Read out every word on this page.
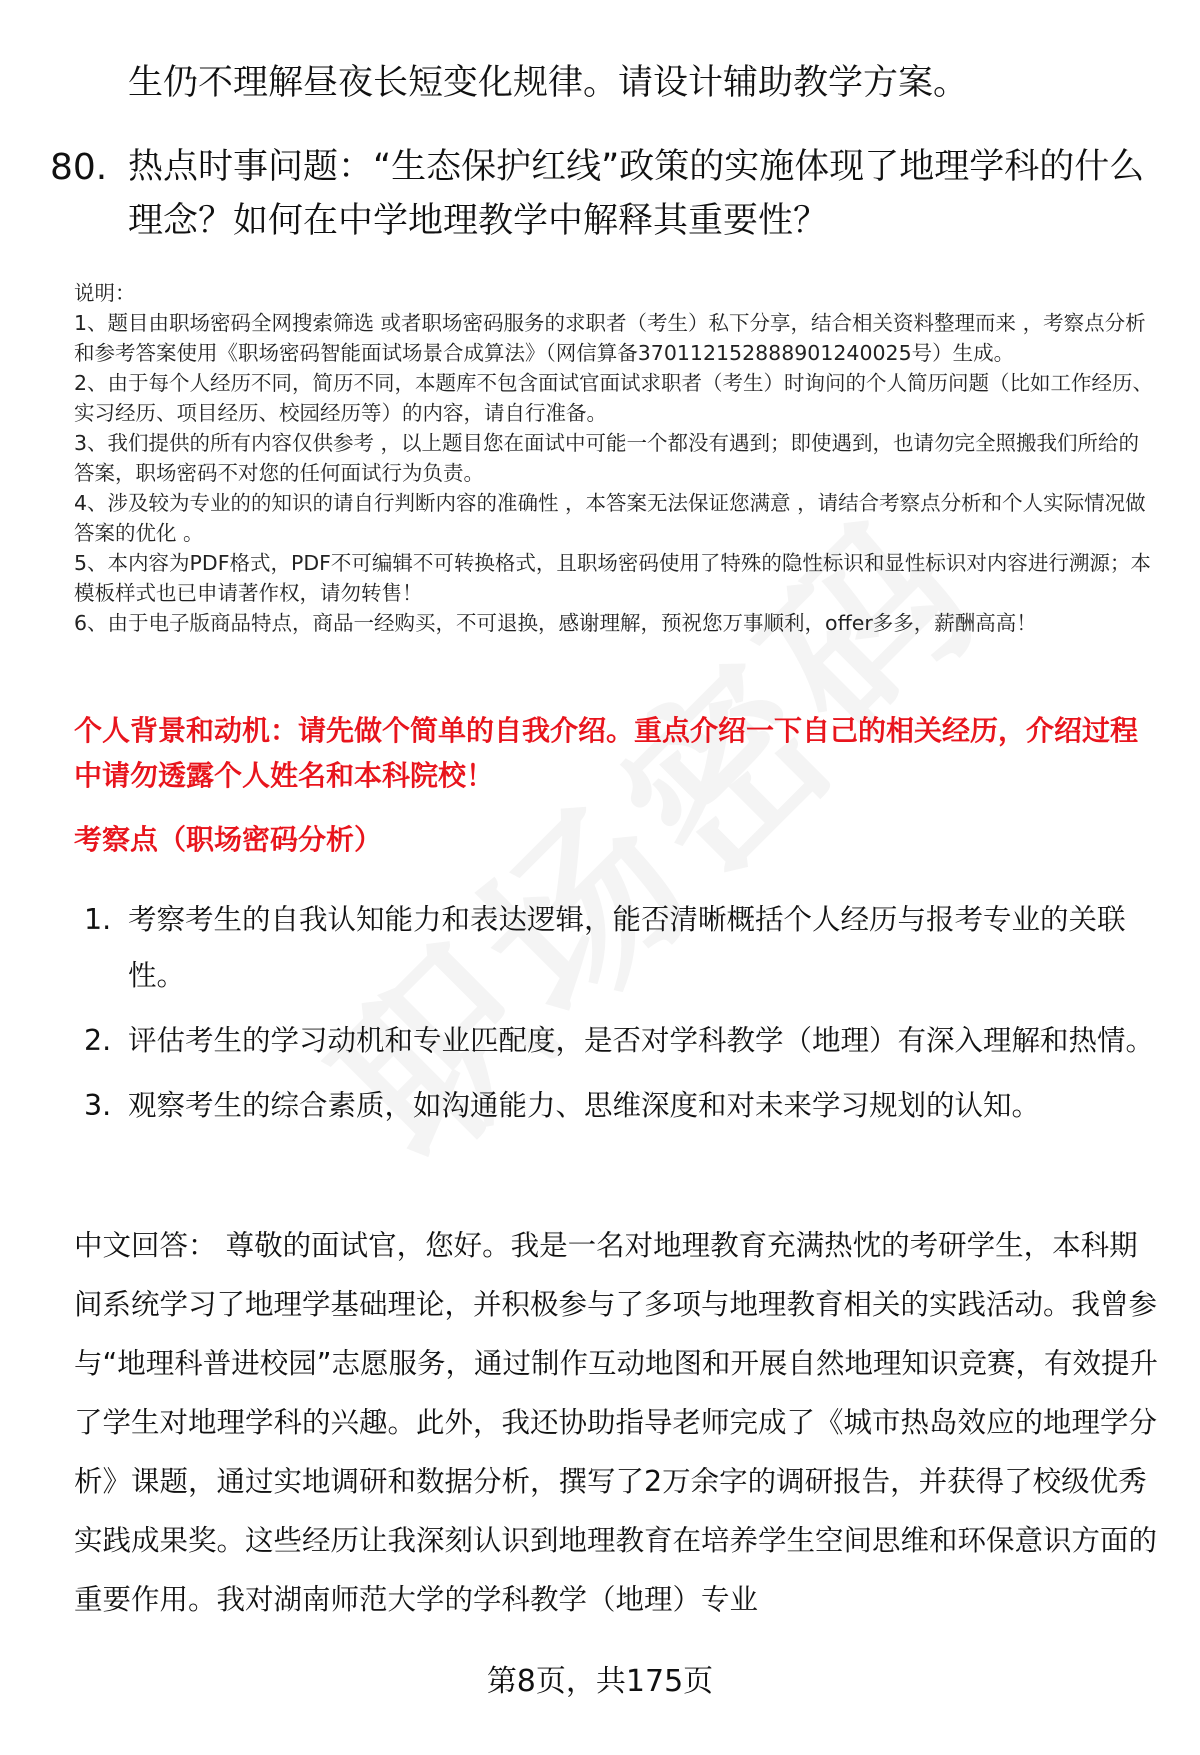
生仍不理解昼夜长短变化规律。请设计辅助教学方案。
80. 热点时事问题：“生态保护红线”政策的实施体现了地理学科的什么理念？如何在中学地理教学中解释其重要性？
说明：
1、题目由职场密码全网搜索筛选 或者职场密码服务的求职者（考生）私下分享，结合相关资料整理而来 ，考察点分析和参考答案使用《职场密码智能面试场景合成算法》（网信算备370112152888901240025号）生成。
2、由于每个人经历不同，简历不同，本题库不包含面试官面试求职者（考生）时询问的个人简历问题（比如工作经历、实习经历、项目经历、校园经历等）的内容，请自行准备。
3、我们提供的所有内容仅供参考 ，以上题目您在面试中可能一个都没有遇到；即使遇到，也请勿完全照搬我们所给的答案，职场密码不对您的任何面试行为负责。
4、涉及较为专业的的知识的请自行判断内容的准确性 ，本答案无法保证您满意 ，请结合考察点分析和个人实际情况做答案的优化 。
5、本内容为PDF格式，PDF不可编辑不可转换格式，且职场密码使用了特殊的隐性标识和显性标识对内容进行溯源；本模板样式也已申请著作权，请勿转售！
6、由于电子版商品特点，商品一经购买，不可退换，感谢理解，预祝您万事顺利，offer多多，薪酬高高！
个人背景和动机：请先做个简单的自我介绍。重点介绍一下自己的相关经历，介绍过程中请勿透露个人姓名和本科院校！
考察点（职场密码分析）
1. 考察考生的自我认知能力和表达逻辑，能否清晰概括个人经历与报考专业的关联性。
2. 评估考生的学习动机和专业匹配度，是否对学科教学（地理）有深入理解和热情。
3. 观察考生的综合素质，如沟通能力、思维深度和对未来学习规划的认知。
中文回答： 尊敬的面试官，您好。我是一名对地理教育充满热忱的考研学生，本科期间系统学习了地理学基础理论，并积极参与了多项与地理教育相关的实践活动。我曾参与“地理科普进校园”志愿服务，通过制作互动地图和开展自然地理知识竞赛，有效提升了学生对地理学科的兴趣。此外，我还协助指导老师完成了《城市热岛效应的地理学分析》课题，通过实地调研和数据分析，撰写了2万余字的调研报告，并获得了校级优秀实践成果奖。这些经历让我深刻认识到地理教育在培养学生空间思维和环保意识方面的重要作用。我对湖南师范大学的学科教学（地理）专业
第8页，共175页
